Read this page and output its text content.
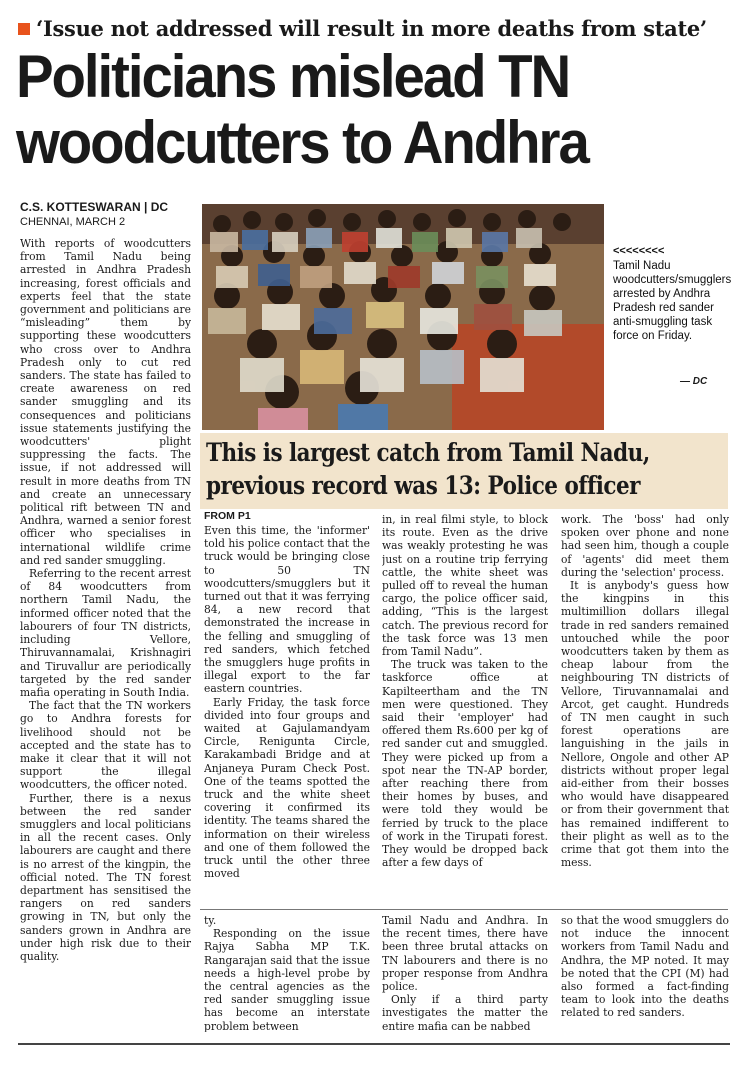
‘Issue not addressed will result in more deaths from state’
Politicians mislead TN woodcutters to Andhra
C.S. KOTTESWARAN | DC
CHENNAI, MARCH 2

With reports of woodcutters from Tamil Nadu being arrested in Andhra Pradesh increasing, forest officials and experts feel that the state government and politicians are “misleading” them by supporting these woodcutters who cross over to Andhra Pradesh only to cut red sanders. The state has failed to create awareness on red sander smuggling and its consequences and politicians issue statements justifying the woodcutters' plight suppressing the facts. The issue, if not addressed will result in more deaths from TN and create an unnecessary political rift between TN and Andhra, warned a senior forest officer who specialises in international wildlife crime and red sander smuggling.

Referring to the recent arrest of 84 woodcutters from northern Tamil Nadu, the informed officer noted that the labourers of four TN districts, including Vellore, Thiruvannamalai, Krishnagiri and Tiruvallur are periodically targeted by the red sander mafia operating in South India.

The fact that the TN workers go to Andhra forests for livelihood should not be accepted and the state has to make it clear that it will not support the illegal woodcutters, the officer noted.

Further, there is a nexus between the red sander smugglers and local politicians in all the recent cases. Only labourers are caught and there is no arrest of the kingpin, the official noted. The TN forest department has sensitised the rangers on red sanders growing in TN, but only the sanders grown in Andhra are under high risk due to their quality.

<<<<<<<<
Tamil Nadu woodcutters/smugglers arrested by Andhra Pradesh red sander anti-smuggling task force on Friday.
— DC
This is largest catch from Tamil Nadu,
previous record was 13: Police officer
FROM P1

Even this time, the 'informer' told his police contact that the truck would be bringing close to 50 TN woodcutters/smugglers but it turned out that it was ferrying 84, a new record that demonstrated the increase in the felling and smuggling of red sanders, which fetched the smugglers huge profits in illegal export to the far eastern countries.

Early Friday, the task force divided into four groups and waited at Gajulamandyam Circle, Renigunta Circle, Karakambadi Bridge and at Anjaneya Puram Check Post. One of the teams spotted the truck and the white sheet covering it confirmed its identity. The teams shared the information on their wireless and one of them followed the truck until the other three moved

in, in real filmi style, to block its route. Even as the drive was weakly protesting he was just on a routine trip ferrying cattle, the white sheet was pulled off to reveal the human cargo, the police officer said, adding, “This is the largest catch. The previous record for the task force was 13 men from Tamil Nadu”.

The truck was taken to the taskforce office at Kapilteertham and the TN men were questioned. They said their 'employer' had offered them Rs.600 per kg of red sander cut and smuggled. They were picked up from a spot near the TN-AP border, after reaching there from their homes by buses, and were told they would be ferried by truck to the place of work in the Tirupati forest. They would be dropped back after a few days of

work. The 'boss' had only spoken over phone and none had seen him, though a couple of 'agents' did meet them during the 'selection' process.

It is anybody's guess how the kingpins in this multimillion dollars illegal trade in red sanders remained untouched while the poor woodcutters taken by them as cheap labour from the neighbouring TN districts of Vellore, Tiruvannamalai and Arcot, get caught. Hundreds of TN men caught in such forest operations are languishing in the jails in Nellore, Ongole and other AP districts without proper legal aid-either from their bosses who would have disappeared or from their government that has remained indifferent to their plight as well as to the crime that got them into the mess.

ty.

Responding on the issue Rajya Sabha MP T.K. Rangarajan said that the issue needs a high-level probe by the central agencies as the red sander smuggling issue has become an interstate problem between

Tamil Nadu and Andhra. In the recent times, there have been three brutal attacks on TN labourers and there is no proper response from Andhra police.

Only if a third party investigates the matter the entire mafia can be nabbed

so that the wood smugglers do not induce the innocent workers from Tamil Nadu and Andhra, the MP noted. It may be noted that the CPI (M) had also formed a fact-finding team to look into the deaths related to red sanders.
